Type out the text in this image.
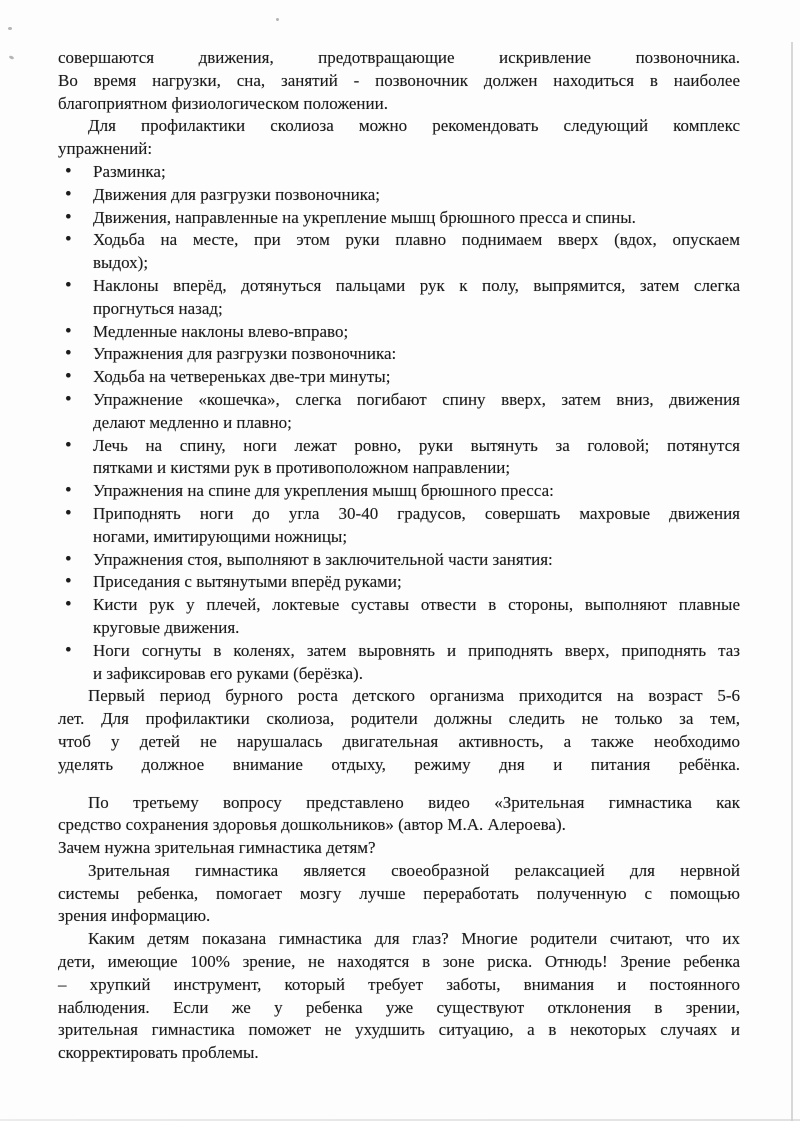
совершаются движения, предотвращающие искривление позвоночника.
Во время нагрузки, сна, занятий - позвоночник должен находиться в наиболее
благоприятном физиологическом положении.
Для профилактики сколиоза можно рекомендовать следующий комплекс
упражнений:
•	Разминка;
•	Движения для разгрузки позвоночника;
•	Движения, направленные на укрепление мышц брюшного пресса и спины.
•	Ходьба на месте, при этом руки плавно поднимаем вверх (вдох, опускаем
выдох);
•	Наклоны вперёд, дотянуться пальцами рук к полу, выпрямится, затем слегка
прогнуться назад;
•	Медленные наклоны влево-вправо;
•	Упражнения для разгрузки позвоночника:
•	Ходьба на четвереньках две-три минуты;
•	Упражнение «кошечка», слегка погибают спину вверх, затем вниз, движения
делают медленно и плавно;
•	Лечь на спину, ноги лежат ровно, руки вытянуть за головой; потянутся
пятками и кистями рук в противоположном направлении;
•	Упражнения на спине для укрепления мышц брюшного пресса:
•	Приподнять ноги до угла 30-40 градусов, совершать махровые движения
ногами, имитирующими ножницы;
•	Упражнения стоя, выполняют в заключительной части занятия:
•	Приседания с вытянутыми вперёд руками;
•	Кисти рук у плечей, локтевые суставы отвести в стороны, выполняют плавные
круговые движения.
•	Ноги согнуты в коленях, затем выровнять и приподнять вверх, приподнять таз
и зафиксировав его руками (берёзка).
Первый период бурного роста детского организма приходится на возраст 5-6
лет. Для профилактики сколиоза, родители должны следить не только за тем,
чтоб у детей не нарушалась двигательная активность, а также необходимо
уделять должное внимание отдыху, режиму дня и питания ребёнка.
По третьему вопросу представлено видео «Зрительная гимнастика как
средство сохранения здоровья дошкольников» (автор М.А. Алероева).
Зачем нужна зрительная гимнастика детям?
Зрительная гимнастика является своеобразной релаксацией для нервной
системы ребенка, помогает мозгу лучше переработать полученную с помощью
зрения информацию.
Каким детям показана гимнастика для глаз? Многие родители считают, что их
дети, имеющие 100% зрение, не находятся в зоне риска. Отнюдь! Зрение ребенка
– хрупкий инструмент, который требует заботы, внимания и постоянного
наблюдения. Если же у ребенка уже существуют отклонения в зрении,
зрительная гимнастика поможет не ухудшить ситуацию, а в некоторых случаях и
скорректировать проблемы.
